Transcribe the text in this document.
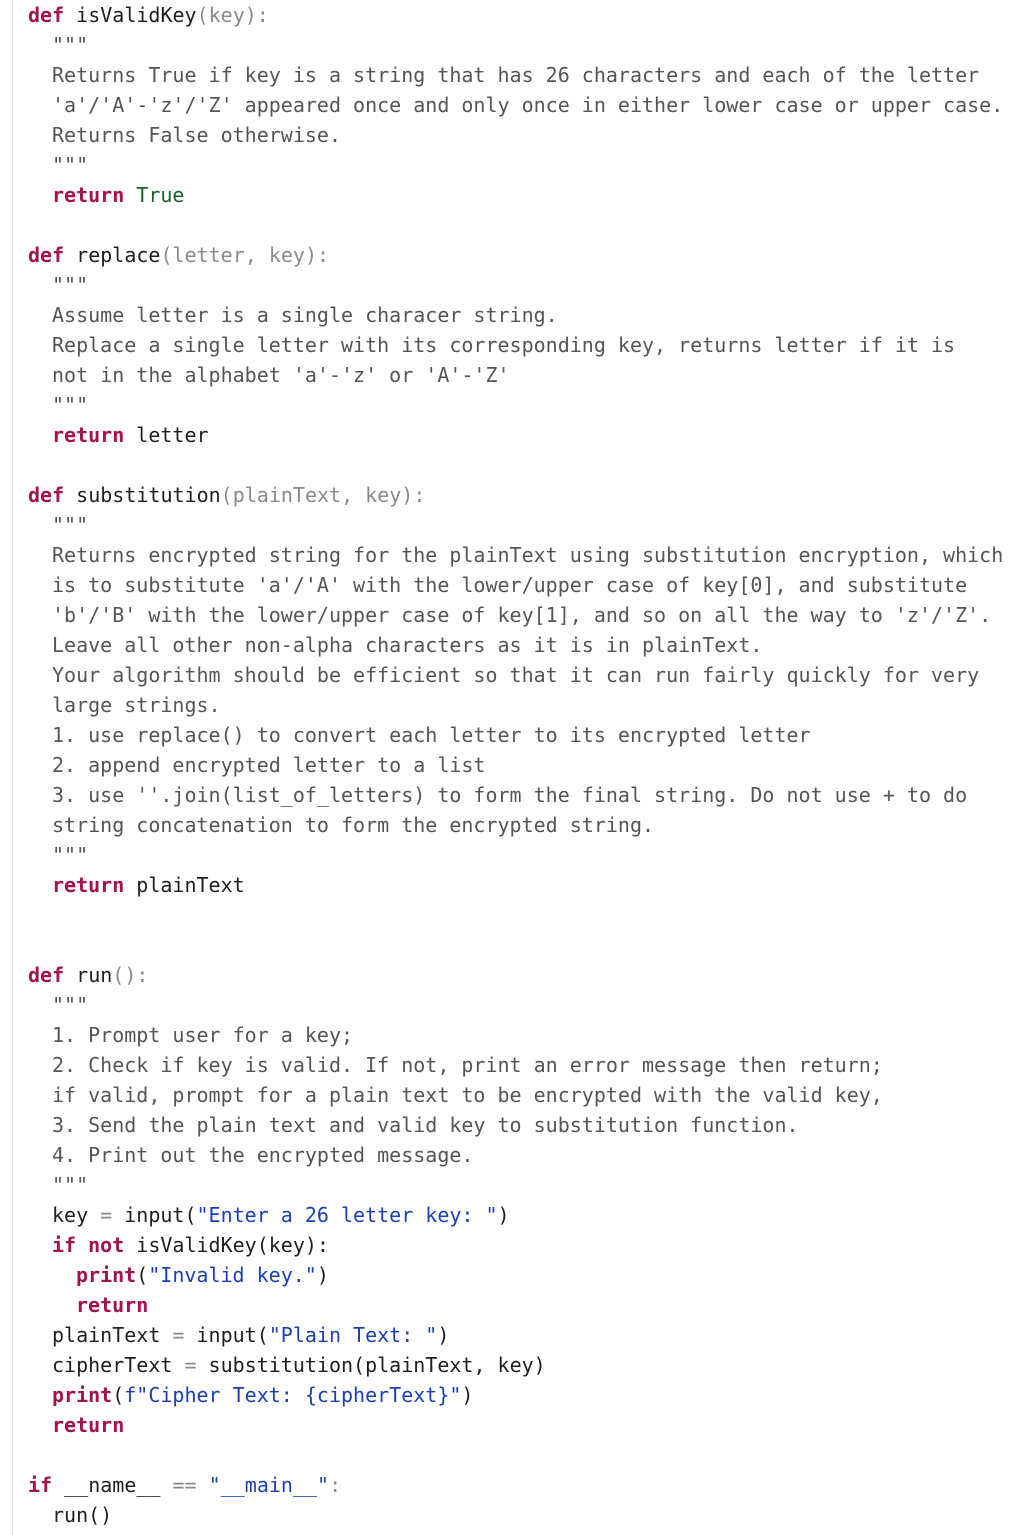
def isValidKey(key):
"""
Returns True if key is a string that has 26 characters and each of the letter
'a'/'A'-'z'/'Z' appeared once and only once in either lower case or upper case.
Returns False otherwise.
"""
return True
def replace(letter, key):
"""
Assume letter is a single characer string.
Replace a single letter with its corresponding key, returns letter if it is
not in the alphabet 'a'-'z' or 'A'-'Z'
"""
return letter
def substitution(plainText, key):
"""
Returns encrypted string for the plainText using substitution encryption, which
is to substitute 'a'/'A' with the lower/upper case of key[0], and substitute
'b'/'B' with the lower/upper case of key[1], and so on all the way to 'z'/'Z'.
Leave all other non-alpha characters as it is in plainText.
Your algorithm should be efficient so that it can run fairly quickly for very
large strings.
1. use replace() to convert each letter to its encrypted letter
2. append encrypted letter to a list
3. use ''.join(list_of_letters) to form the final string. Do not use + to do
string concatenation to form the encrypted string.
"""
return plainText
def run():
"""
1. Prompt user for a key;
2. Check if key is valid. If not, print an error message then return;
if valid, prompt for a plain text to be encrypted with the valid key,
3. Send the plain text and valid key to substitution function.
4. Print out the encrypted message.
"""
key = input("Enter a 26 letter key: ")
if not isValidKey(key):
print("Invalid key.")
return
plainText = input("Plain Text: ")
cipherText = substitution(plainText, key)
print(f"Cipher Text: {cipherText}")
return
if __name__ == "__main__":
run()
